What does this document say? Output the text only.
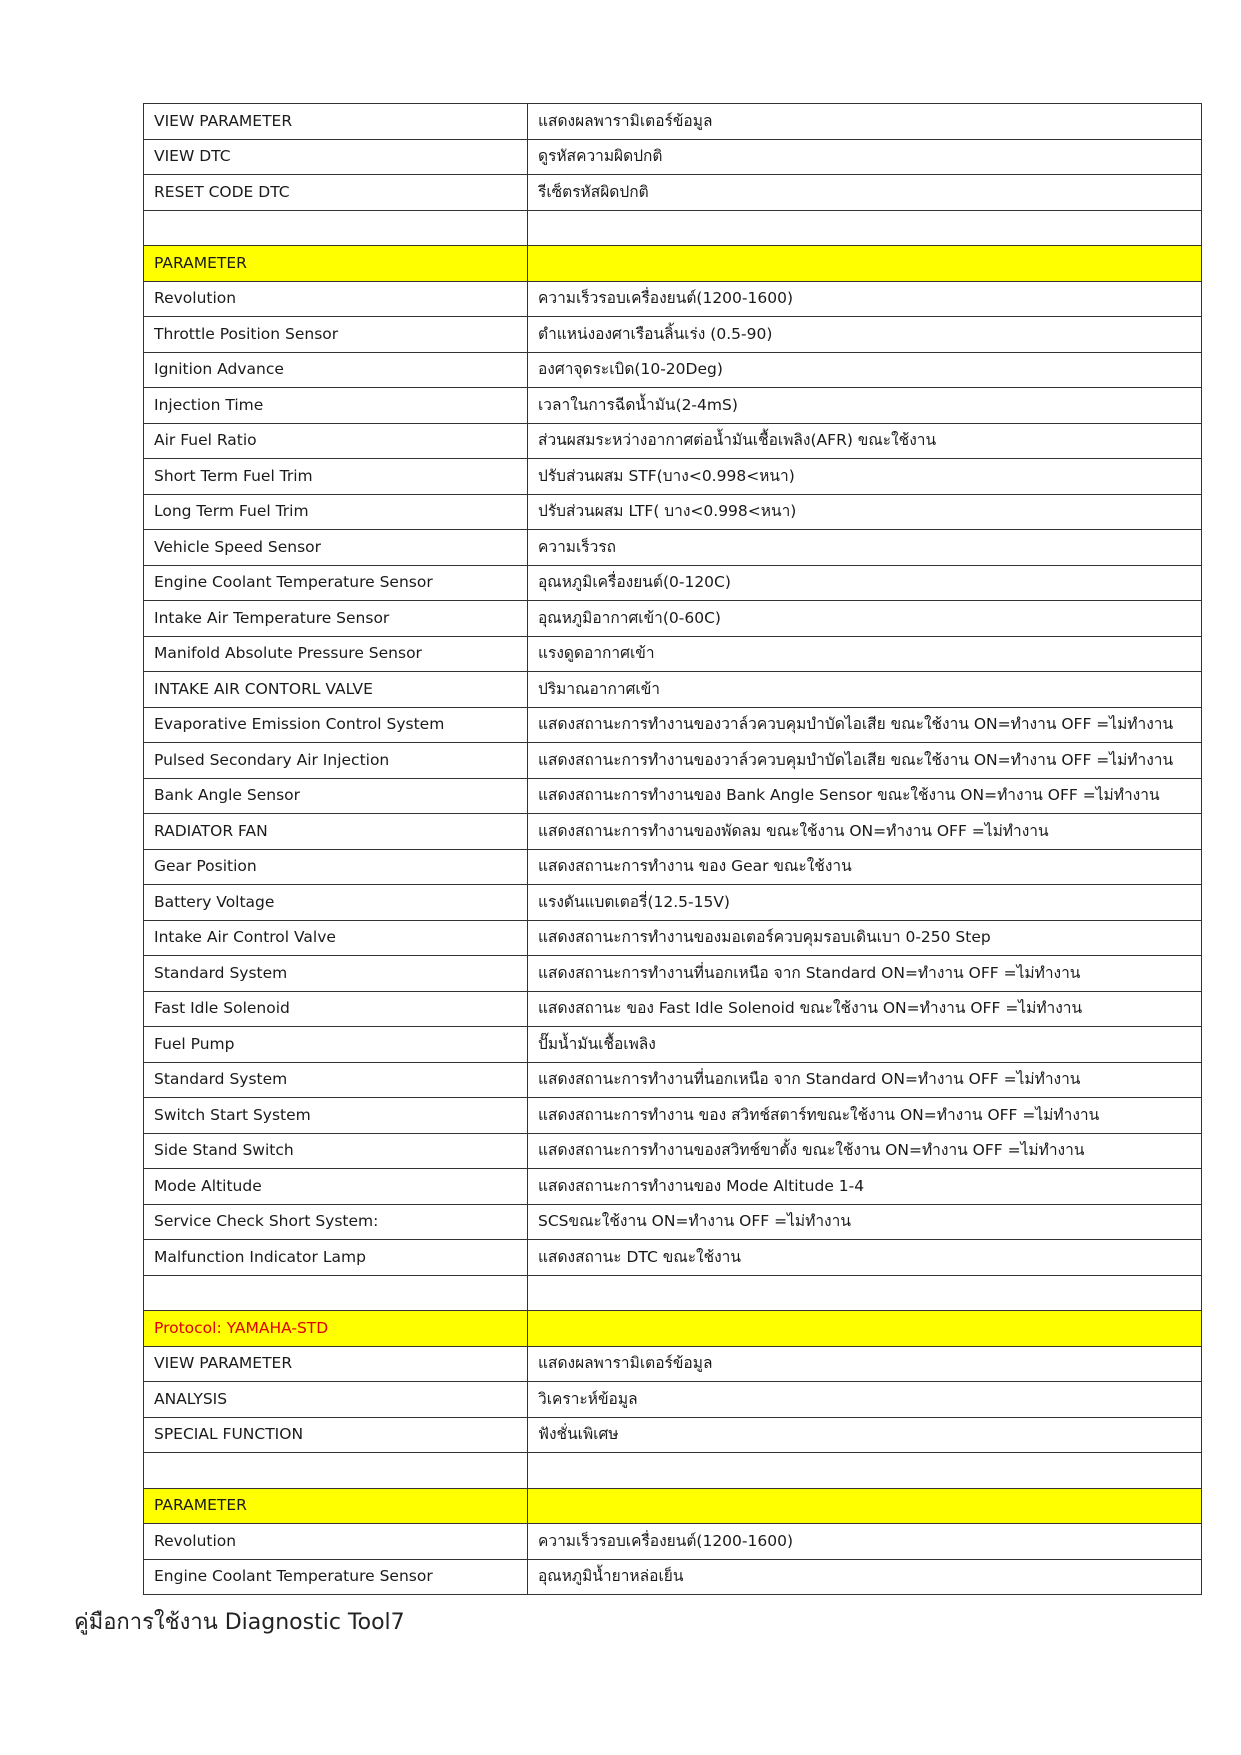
VIEW PARAMETER	แสดงผลพารามิเตอร์ข้อมูล
VIEW DTC	ดูรหัสความผิดปกติ
RESET CODE DTC	รีเซ็ตรหัสผิดปกติ

PARAMETER	
Revolution	ความเร็วรอบเครื่องยนต์(1200-1600)
Throttle Position Sensor	ตำแหน่งองศาเรือนลิ้นเร่ง (0.5-90)
Ignition Advance	องศาจุดระเบิด(10-20Deg)
Injection Time	เวลาในการฉีดน้ำมัน(2-4mS)
Air Fuel Ratio	ส่วนผสมระหว่างอากาศต่อน้ำมันเชื้อเพลิง(AFR) ขณะใช้งาน
Short Term Fuel Trim	ปรับส่วนผสม STF(บาง<0.998<หนา)
Long Term Fuel Trim	ปรับส่วนผสม LTF( บาง<0.998<หนา)
Vehicle Speed Sensor	ความเร็วรถ
Engine Coolant Temperature Sensor	อุณหภูมิเครื่องยนต์(0-120C)
Intake Air Temperature Sensor	อุณหภูมิอากาศเข้า(0-60C)
Manifold Absolute Pressure Sensor	แรงดูดอากาศเข้า
INTAKE AIR CONTORL VALVE	ปริมาณอากาศเข้า
Evaporative Emission Control System	แสดงสถานะการทำงานของวาล์วควบคุมบำบัดไอเสีย ขณะใช้งาน ON=ทำงาน OFF =ไม่ทำงาน
Pulsed Secondary Air Injection	แสดงสถานะการทำงานของวาล์วควบคุมบำบัดไอเสีย ขณะใช้งาน ON=ทำงาน OFF =ไม่ทำงาน
Bank Angle Sensor	แสดงสถานะการทำงานของ Bank Angle Sensor ขณะใช้งาน ON=ทำงาน OFF =ไม่ทำงาน
RADIATOR FAN	แสดงสถานะการทำงานของพัดลม ขณะใช้งาน ON=ทำงาน OFF =ไม่ทำงาน
Gear Position	แสดงสถานะการทำงาน ของ Gear ขณะใช้งาน
Battery Voltage	แรงดันแบตเตอรี่(12.5-15V)
Intake Air Control Valve	แสดงสถานะการทำงานของมอเตอร์ควบคุมรอบเดินเบา 0-250 Step
Standard System	แสดงสถานะการทำงานที่นอกเหนือ จาก Standard ON=ทำงาน OFF =ไม่ทำงาน
Fast Idle Solenoid	แสดงสถานะ ของ Fast Idle Solenoid ขณะใช้งาน ON=ทำงาน OFF =ไม่ทำงาน
Fuel Pump	ปั๊มน้ำมันเชื้อเพลิง
Standard System	แสดงสถานะการทำงานที่นอกเหนือ จาก Standard ON=ทำงาน OFF =ไม่ทำงาน
Switch Start System	แสดงสถานะการทำงาน ของ สวิทช์สตาร์ทขณะใช้งาน ON=ทำงาน OFF =ไม่ทำงาน
Side Stand Switch	แสดงสถานะการทำงานของสวิทช์ขาตั้ง ขณะใช้งาน ON=ทำงาน OFF =ไม่ทำงาน
Mode Altitude	แสดงสถานะการทำงานของ Mode Altitude 1-4
Service Check Short System:	SCSขณะใช้งาน ON=ทำงาน OFF =ไม่ทำงาน
Malfunction Indicator Lamp	แสดงสถานะ DTC ขณะใช้งาน

Protocol: YAMAHA-STD	
VIEW PARAMETER	แสดงผลพารามิเตอร์ข้อมูล
ANALYSIS	วิเคราะห์ข้อมูล
SPECIAL FUNCTION	ฟังชั่นเพิเศษ

PARAMETER	
Revolution	ความเร็วรอบเครื่องยนต์(1200-1600)
Engine Coolant Temperature Sensor	อุณหภูมิน้ำยาหล่อเย็น
คู่มือการใช้งาน Diagnostic Tool7
